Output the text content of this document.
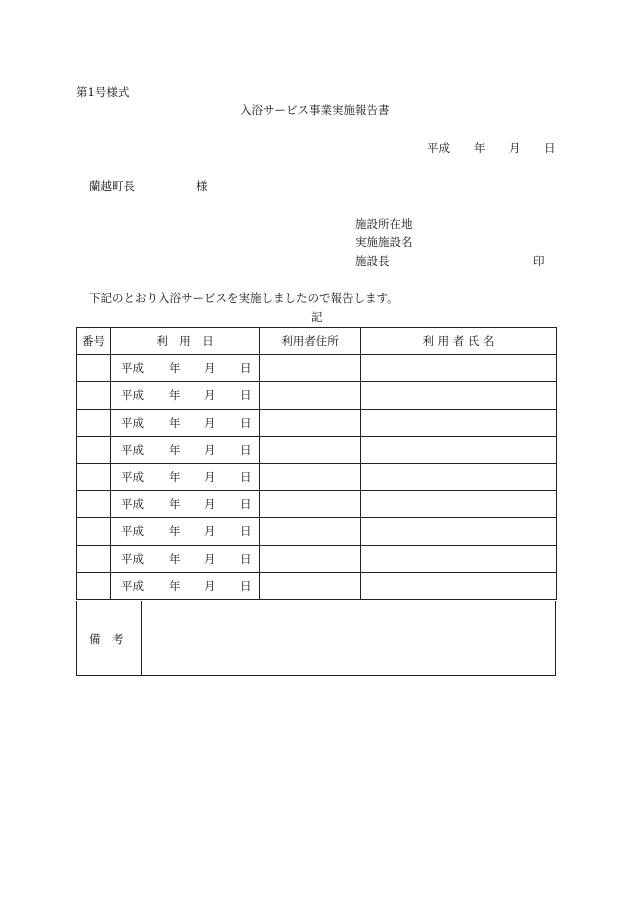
第1号様式
入浴サービス事業実施報告書
平成 年 月 日
蘭越町長	様
施設所在地
実施施設名
施設長	印
下記のとおり入浴サービスを実施しましたので報告します。
記
番号	利　用　日	利用者住所	利 用 者 氏 名

	平成 年 月 日		

	平成 年 月 日		

	平成 年 月 日		

	平成 年 月 日		

	平成 年 月 日		

	平成 年 月 日		

	平成 年 月 日		

	平成 年 月 日		

	平成 年 月 日		

備　考
